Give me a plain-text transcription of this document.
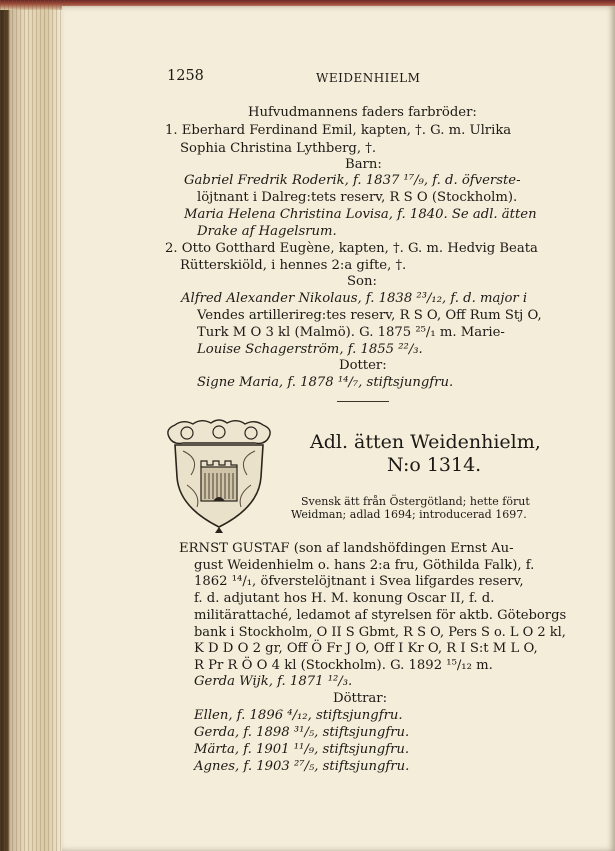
1258	WEIDENHIELM
Hufvudmannens faders farbröder:
1. Eberhard Ferdinand Emil, kapten, †. G. m. Ulrika
Sophia Christina Lythberg, †.
Barn:
Gabriel Fredrik Roderik, f. 1837 ¹⁷/₉, f. d. öfverste-
löjtnant i Dalreg:tets reserv, R S O (Stockholm).
Maria Helena Christina Lovisa, f. 1840. Se adl. ätten
Drake af Hagelsrum.
2. Otto Gotthard Eugène, kapten, †. G. m. Hedvig Beata
Rütterskiöld, i hennes 2:a gifte, †.
Son:
Alfred Alexander Nikolaus, f. 1838 ²³/₁₂, f. d. major i
Vendes artillerireg:tes reserv, R S O, Off Rum Stj O,
Turk M O 3 kl (Malmö). G. 1875 ²⁵/₁ m. Marie-
Louise Schagerström, f. 1855 ²²/₃.
Dotter:
Signe Maria, f. 1878 ¹⁴/₇, stiftsjungfru.
Adl. ätten Weidenhielm,
N:o 1314.
Svensk ätt från Östergötland; hette förut
Weidman; adlad 1694; introducerad 1697.
ERNST GUSTAF (son af landshöfdingen Ernst Au-
gust Weidenhielm o. hans 2:a fru, Göthilda Falk), f.
1862 ¹⁴/₁, öfverstelöjtnant i Svea lifgardes reserv,
f. d. adjutant hos H. M. konung Oscar II, f. d.
militärattaché, ledamot af styrelsen för aktb. Göteborgs
bank i Stockholm, O II S Gbmt, R S O, Pers S o. L O 2 kl,
K D D O 2 gr, Off Ö Fr J O, Off I Kr O, R I S:t M L O,
R Pr R Ö O 4 kl (Stockholm). G. 1892 ¹⁵/₁₂ m.
Gerda Wijk, f. 1871 ¹²/₃.
Döttrar:
Ellen, f. 1896 ⁴/₁₂, stiftsjungfru.
Gerda, f. 1898 ³¹/₅, stiftsjungfru.
Märta, f. 1901 ¹¹/₉, stiftsjungfru.
Agnes, f. 1903 ²⁷/₅, stiftsjungfru.
